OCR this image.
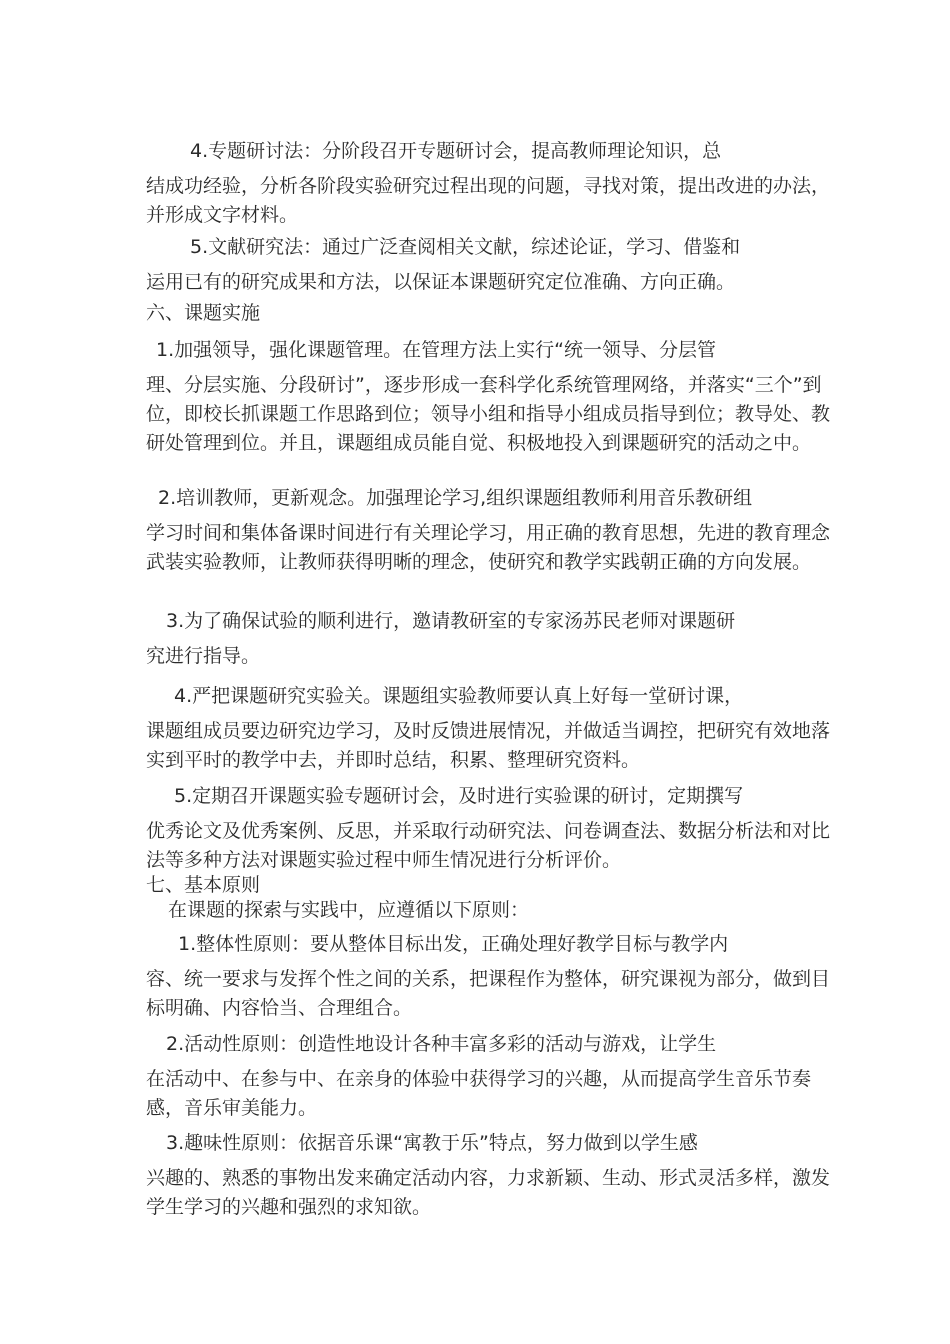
4.专题研讨法：分阶段召开专题研讨会，提高教师理论知识，总
结成功经验，分析各阶段实验研究过程出现的问题，寻找对策，提出改进的办法，并形成文字材料。

5.文献研究法：通过广泛查阅相关文献，综述论证，学习、借鉴和
运用已有的研究成果和方法，以保证本课题研究定位准确、方向正确。

六、课题实施

1.加强领导，强化课题管理。在管理方法上实行“统一领导、分层管
理、分层实施、分段研讨”，逐步形成一套科学化系统管理网络，并落实“三个”到位，即校长抓课题工作思路到位；领导小组和指导小组成员指导到位；教导处、教研处管理到位。并且，课题组成员能自觉、积极地投入到课题研究的活动之中。

2.培训教师，更新观念。加强理论学习,组织课题组教师利用音乐教研组
学习时间和集体备课时间进行有关理论学习，用正确的教育思想，先进的教育理念武装实验教师，让教师获得明晰的理念，使研究和教学实践朝正确的方向发展。

3.为了确保试验的顺利进行，邀请教研室的专家汤苏民老师对课题研
究进行指导。

4.严把课题研究实验关。课题组实验教师要认真上好每一堂研讨课，
课题组成员要边研究边学习，及时反馈进展情况，并做适当调控，把研究有效地落实到平时的教学中去，并即时总结，积累、整理研究资料。

5.定期召开课题实验专题研讨会，及时进行实验课的研讨，定期撰写
优秀论文及优秀案例、反思，并采取行动研究法、问卷调查法、数据分析法和对比法等多种方法对课题实验过程中师生情况进行分析评价。

七、基本原则

在课题的探索与实践中，应遵循以下原则：

1.整体性原则：要从整体目标出发，正确处理好教学目标与教学内
容、统一要求与发挥个性之间的关系，把课程作为整体，研究课视为部分，做到目标明确、内容恰当、合理组合。

2.活动性原则：创造性地设计各种丰富多彩的活动与游戏，让学生
在活动中、在参与中、在亲身的体验中获得学习的兴趣，从而提高学生音乐节奏感，音乐审美能力。

3.趣味性原则：依据音乐课“寓教于乐”特点，努力做到以学生感
兴趣的、熟悉的事物出发来确定活动内容，力求新颖、生动、形式灵活多样，激发学生学习的兴趣和强烈的求知欲。
